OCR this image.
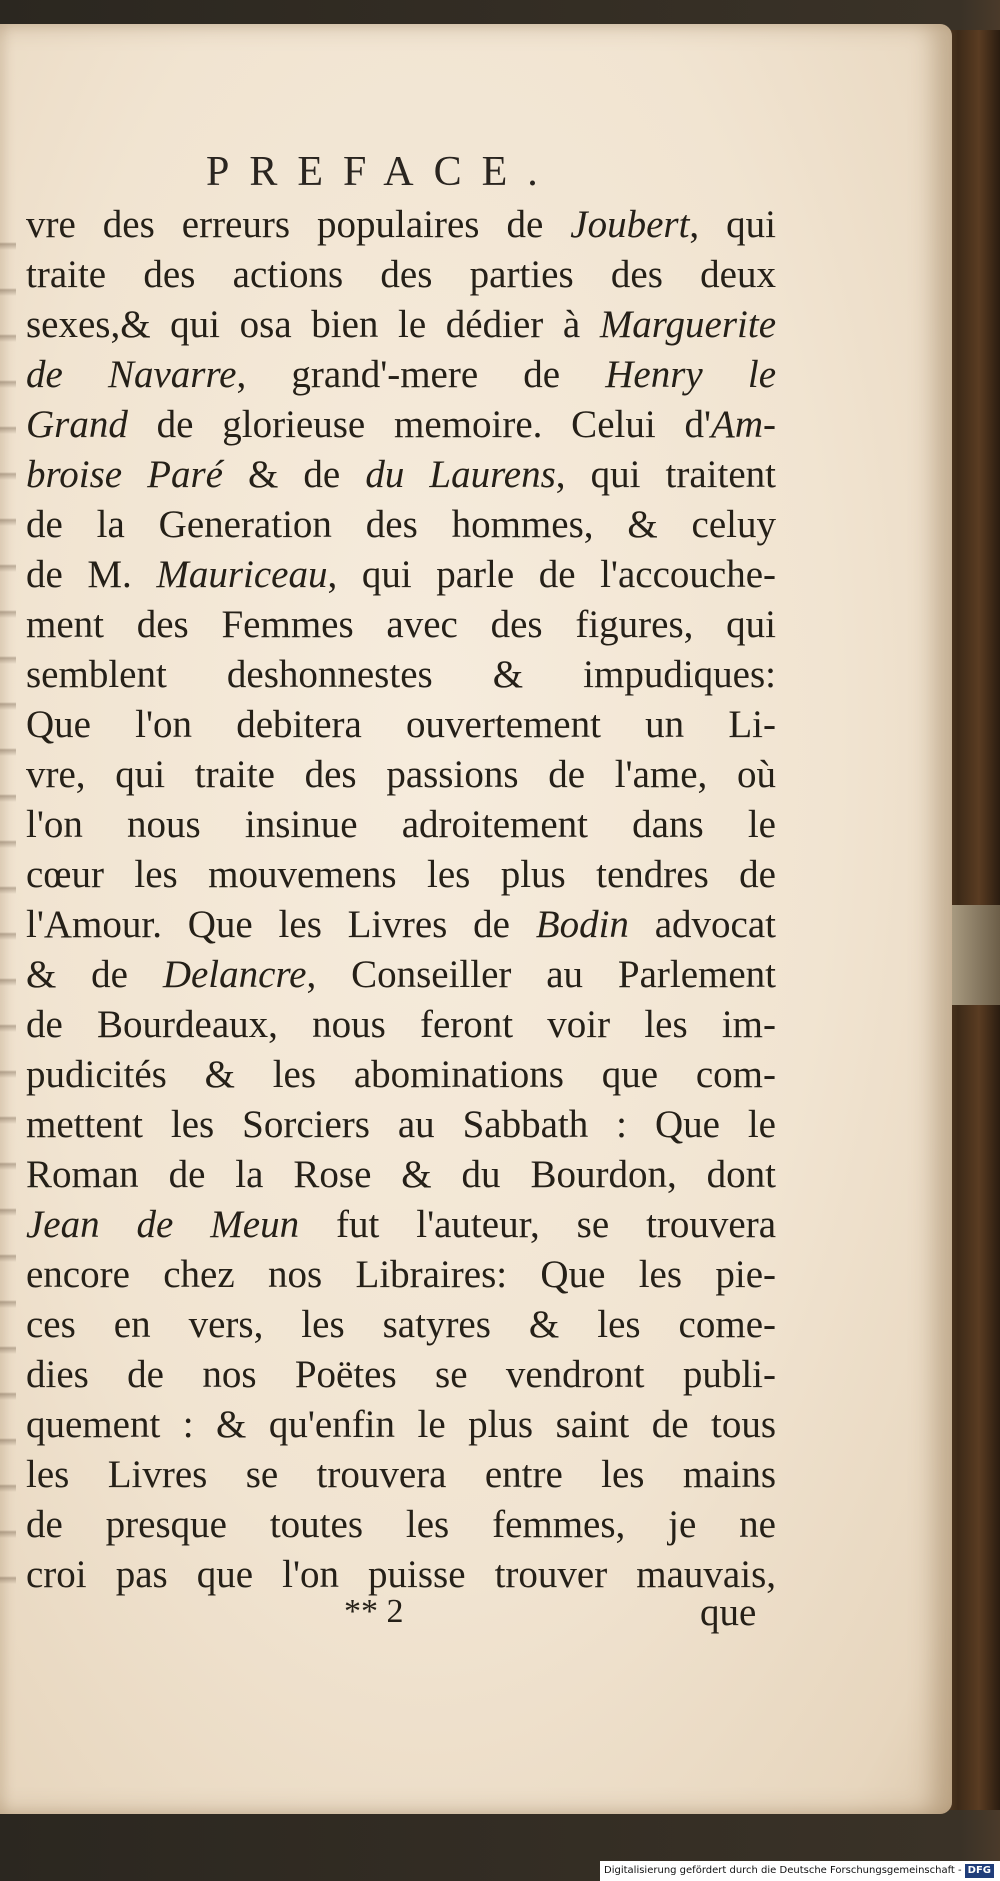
PREFACE.
vre des erreurs populaires de Joubert, qui
traite des actions des parties des deux
sexes,& qui osa bien le dédier à Marguerite
de Navarre, grand'-mere de Henry le
Grand de glorieuse memoire. Celui d'Am-
broise Paré & de du Laurens, qui traitent
de la Generation des hommes, & celuy
de M. Mauriceau, qui parle de l'accouche-
ment des Femmes avec des figures, qui
semblent deshonnestes & impudiques:
Que l'on debitera ouvertement un Li-
vre, qui traite des passions de l'ame, où
l'on nous insinue adroitement dans le
cœur les mouvemens les plus tendres de
l'Amour. Que les Livres de Bodin advocat
& de Delancre, Conseiller au Parlement
de Bourdeaux, nous feront voir les im-
pudicités & les abominations que com-
mettent les Sorciers au Sabbath : Que le
Roman de la Rose & du Bourdon, dont
Jean de Meun fut l'auteur, se trouvera
encore chez nos Libraires: Que les pie-
ces en vers, les satyres & les come-
dies de nos Poëtes se vendront publi-
quement : & qu'enfin le plus saint de tous
les Livres se trouvera entre les mains
de presque toutes les femmes, je ne
croi pas que l'on puisse trouver mauvais,
** 2	que
Digitalisierung gefördert durch die Deutsche Forschungsgemeinschaft - DFG
